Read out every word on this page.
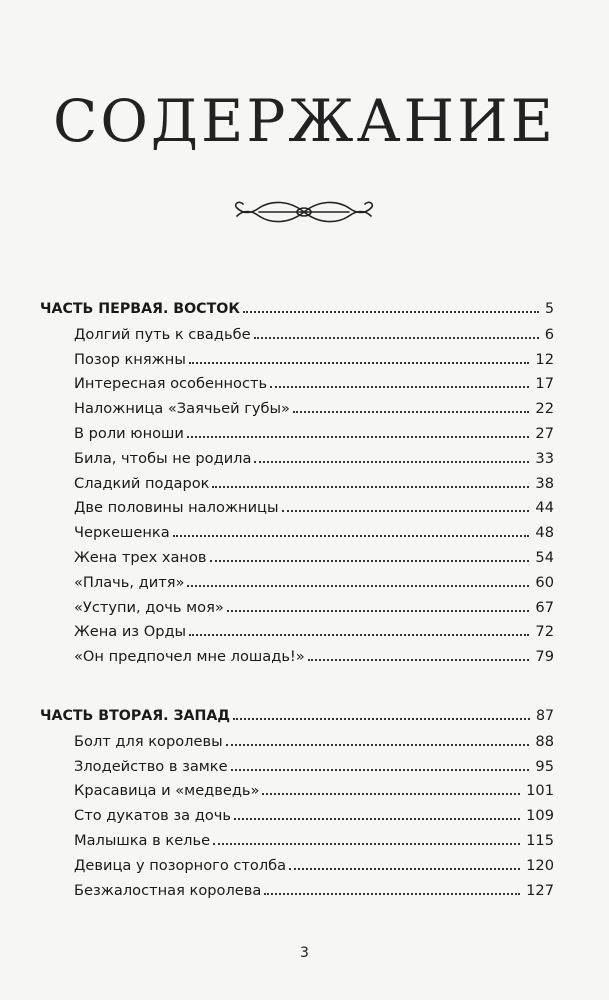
СОДЕРЖАНИЕ
ЧАСТЬ ПЕРВАЯ. ВОСТОК	5
Долгий путь к свадьбе	6
Позор княжны	12
Интересная особенность	17
Наложница «Заячьей губы»	22
В роли юноши	27
Била, чтобы не родила	33
Сладкий подарок	38
Две половины наложницы	44
Черкешенка	48
Жена трех ханов	54
«Плачь, дитя»	60
«Уступи, дочь моя»	67
Жена из Орды	72
«Он предпочел мне лошадь!»	79
ЧАСТЬ ВТОРАЯ. ЗАПАД	87
Болт для королевы	88
Злодейство в замке	95
Красавица и «медведь»	101
Сто дукатов за дочь	109
Малышка в келье	115
Девица у позорного столба	120
Безжалостная королева	127
3
